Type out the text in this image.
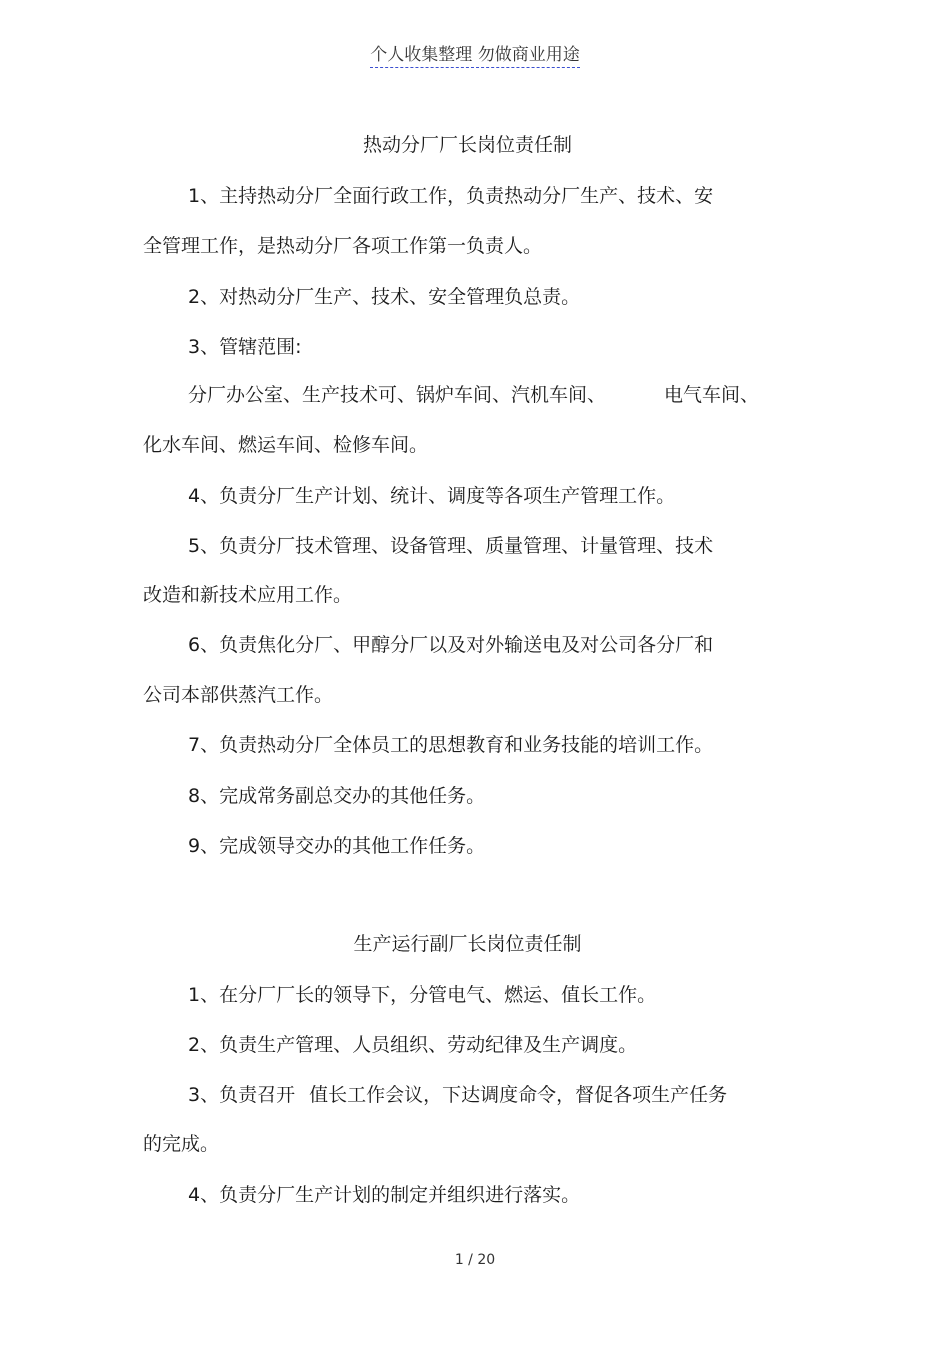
个人收集整理 勿做商业用途
热动分厂厂长岗位责任制
1、主持热动分厂全面行政工作，负责热动分厂生产、技术、安
全管理工作，是热动分厂各项工作第一负责人。
2、对热动分厂生产、技术、安全管理负总责。
3、管辖范围:
分厂办公室、生产技术可、锅炉车间、汽机车间、	电气车间、
化水车间、燃运车间、检修车间。
4、负责分厂生产计划、统计、调度等各项生产管理工作。
5、负责分厂技术管理、设备管理、质量管理、计量管理、技术
改造和新技术应用工作。
6、负责焦化分厂、甲醇分厂以及对外输送电及对公司各分厂和
公司本部供蒸汽工作。
7、负责热动分厂全体员工的思想教育和业务技能的培训工作。
8、完成常务副总交办的其他任务。
9、完成领导交办的其他工作任务。
生产运行副厂长岗位责任制
1、在分厂厂长的领导下，分管电气、燃运、值长工作。
2、负责生产管理、人员组织、劳动纪律及生产调度。
3、负责召开 值长工作会议，下达调度命令，督促各项生产任务
的完成。
4、负责分厂生产计划的制定并组织进行落实。
1 / 20
